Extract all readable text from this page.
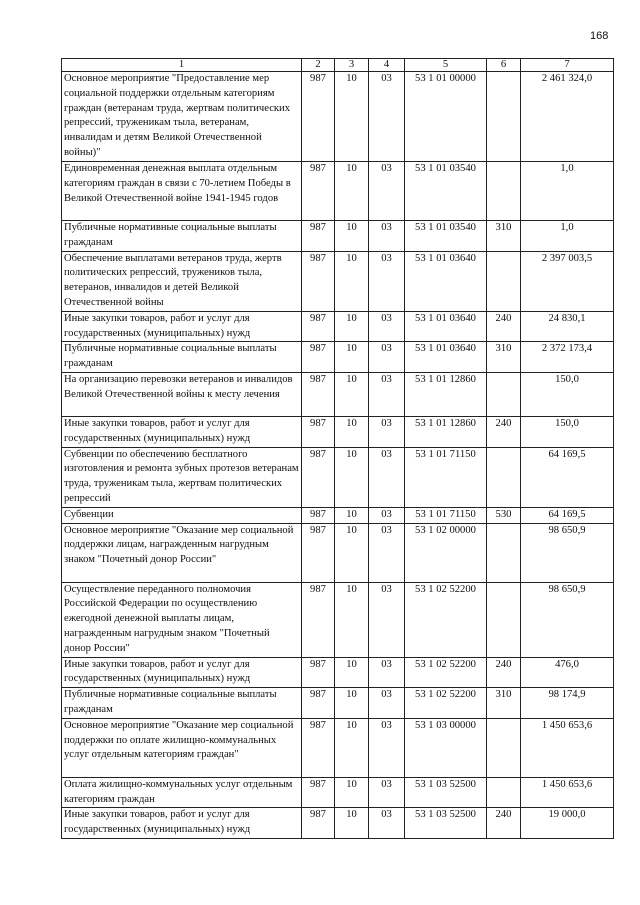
168
1	2	3	4	5	6	7
Основное мероприятие "Предоставление мер социальной поддержки отдельным категориям граждан (ветеранам труда, жертвам политических репрессий, труженикам тыла, ветеранам, инвалидам и детям Великой Отечественной войны)"	987	10	03	53 1 01 00000		2 461 324,0
Единовременная денежная выплата отдельным категориям граждан в связи с 70-летием Победы в Великой Отечественной войне 1941-1945 годов	987	10	03	53 1 01 03540		1,0
Публичные нормативные социальные выплаты гражданам	987	10	03	53 1 01 03540	310	1,0
Обеспечение выплатами ветеранов труда, жертв политических репрессий, тружеников тыла, ветеранов, инвалидов и детей Великой Отечественной войны	987	10	03	53 1 01 03640		2 397 003,5
Иные закупки товаров, работ и услуг для государственных (муниципальных) нужд	987	10	03	53 1 01 03640	240	24 830,1
Публичные нормативные социальные выплаты гражданам	987	10	03	53 1 01 03640	310	2 372 173,4
На организацию перевозки ветеранов и инвалидов Великой Отечественной войны к месту лечения	987	10	03	53 1 01 12860		150,0
Иные закупки товаров, работ и услуг для государственных (муниципальных) нужд	987	10	03	53 1 01 12860	240	150,0
Субвенции по обеспечению бесплатного изготовления и ремонта зубных протезов ветеранам труда, труженикам тыла, жертвам политических репрессий	987	10	03	53 1 01 71150		64 169,5
Субвенции	987	10	03	53 1 01 71150	530	64 169,5
Основное мероприятие "Оказание мер социальной поддержки лицам, награжденным нагрудным знаком "Почетный донор России"	987	10	03	53 1 02 00000		98 650,9
Осуществление переданного полномочия Российской Федерации по осуществлению ежегодной денежной выплаты лицам, награжденным нагрудным знаком "Почетный донор России"	987	10	03	53 1 02 52200		98 650,9
Иные закупки товаров, работ и услуг для государственных (муниципальных) нужд	987	10	03	53 1 02 52200	240	476,0
Публичные нормативные социальные выплаты гражданам	987	10	03	53 1 02 52200	310	98 174,9
Основное мероприятие "Оказание мер социальной поддержки по оплате жилищно-коммунальных услуг отдельным категориям граждан"	987	10	03	53 1 03 00000		1 450 653,6
Оплата жилищно-коммунальных услуг отдельным категориям граждан	987	10	03	53 1 03 52500		1 450 653,6
Иные закупки товаров, работ и услуг для государственных (муниципальных) нужд	987	10	03	53 1 03 52500	240	19 000,0
